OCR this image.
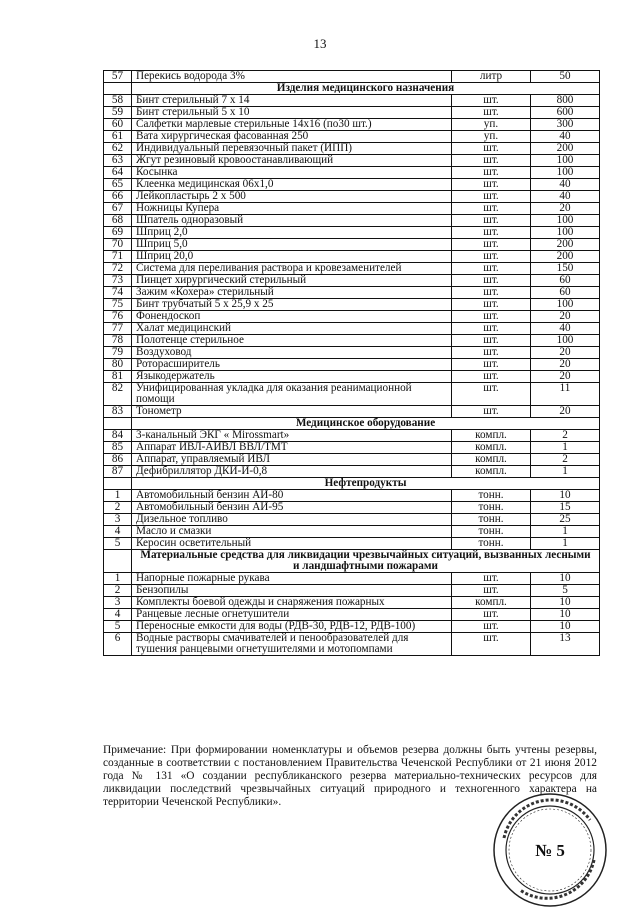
13
57	Перекись водорода 3%	литр	50
	Изделия медицинского назначения		
58	Бинт стерильный 7 х 14	шт.	800
59	Бинт стерильный 5 х 10	шт.	600
60	Салфетки марлевые стерильные 14х16 (по30 шт.)	уп.	300
61	Вата хирургическая фасованная 250	уп.	40
62	Индивидуальный перевязочный пакет (ИПП)	шт.	200
63	Жгут резиновый кровоостанавливающий	шт.	100
64	Косынка	шт.	100
65	Клеенка медицинская 06х1,0	шт.	40
66	Лейкопластырь 2 х 500	шт.	40
67	Ножницы Купера	шт.	20
68	Шпатель одноразовый	шт.	100
69	Шприц 2,0	шт.	100
70	Шприц 5,0	шт.	200
71	Шприц 20,0	шт.	200
72	Система для переливания раствора и кровезаменителей	шт.	150
73	Пинцет хирургический стерильный	шт.	60
74	Зажим «Кохера» стерильный	шт.	60
75	Бинт трубчатый 5 х 25,9 х 25	шт.	100
76	Фонендоскоп	шт.	20
77	Халат медицинский	шт.	40
78	Полотенце стерильное	шт.	100
79	Воздуховод	шт.	20
80	Роторасширитель	шт.	20
81	Языкодержатель	шт.	20
82	Унифицированная укладка для оказания реанимационной помощи	шт.	11
83	Тонометр	шт.	20
	Медицинское оборудование		
84	3-канальный ЭКГ « Mirossmart»	компл.	2
85	Аппарат ИВЛ-АИВЛ ВВЛ/ТМТ	компл.	1
86	Аппарат, управляемый ИВЛ	компл.	2
87	Дефибриллятор ДКИ-И-0,8	компл.	1
	Нефтепродукты		
1	Автомобильный бензин АИ-80	тонн.	10
2	Автомобильный бензин АИ-95	тонн.	15
3	Дизельное топливо	тонн.	25
4	Масло и смазки	тонн.	1
5	Керосин осветительный	тонн.	1
	Материальные средства для ликвидации чрезвычайных ситуаций, вызванных лесными и ландшафтными пожарами		
1	Напорные пожарные рукава	шт.	10
2	Бензопилы	шт.	5
3	Комплекты боевой одежды и снаряжения пожарных	компл.	10
4	Ранцевые лесные огнетушители	шт.	10
5	Переносные емкости для воды (РДВ-30, РДВ-12, РДВ-100)	шт.	10
6	Водные растворы смачивателей и пенообразователей для тушения ранцевыми огнетушителями и мотопомпами	шт.	13
Примечание: При формировании номенклатуры и объемов резерва должны быть учтены резервы, созданные в соответствии с постановлением Правительства Чеченской Республики от 21 июня 2012 года № 131 «О создании республиканского резерва материально-технических ресурсов для ликвидации последствий чрезвычайных ситуаций природного и техногенного характера на территории Чеченской Республики».
№ 5
